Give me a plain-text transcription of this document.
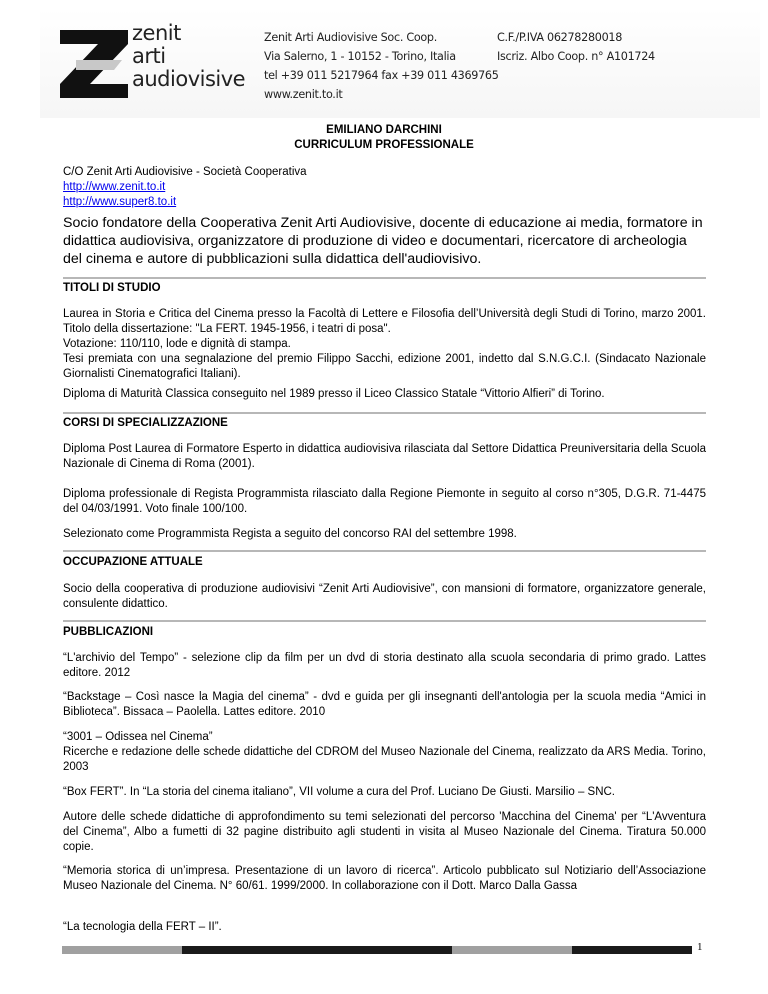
zenit
arti
audiovisive
Zenit Arti Audiovisive Soc. Coop.
Via Salerno, 1 - 10152 - Torino, Italia
tel +39 011 5217964 fax +39 011 4369765
www.zenit.to.it
C.F./P.IVA 06278280018
Iscriz. Albo Coop. n° A101724
EMILIANO DARCHINI
CURRICULUM PROFESSIONALE
C/O Zenit Arti Audiovisive - Società Cooperativa
http://www.zenit.to.it
http://www.super8.to.it
Socio fondatore della Cooperativa Zenit Arti Audiovisive, docente di educazione ai media, formatore in didattica audiovisiva, organizzatore di produzione di video e documentari, ricercatore di archeologia del cinema e autore di pubblicazioni sulla didattica dell'audiovisivo.
TITOLI DI STUDIO
Laurea in Storia e Critica del Cinema presso la Facoltà di Lettere e Filosofia dell’Università degli Studi di Torino, marzo 2001. Titolo della dissertazione: "La FERT. 1945-1956, i teatri di posa".
Votazione: 110/110, lode e dignità di stampa.
Tesi premiata con una segnalazione del premio Filippo Sacchi, edizione 2001, indetto dal S.N.G.C.I. (Sindacato Nazionale Giornalisti Cinematografici Italiani).
Diploma di Maturità Classica conseguito nel 1989 presso il Liceo Classico Statale “Vittorio Alfieri” di Torino.
CORSI DI SPECIALIZZAZIONE
Diploma Post Laurea di Formatore Esperto in didattica audiovisiva rilasciata dal Settore Didattica Preuniversitaria della Scuola Nazionale di Cinema di Roma (2001).
Diploma professionale di Regista Programmista rilasciato dalla Regione Piemonte in seguito al corso n°305, D.G.R. 71-4475 del 04/03/1991. Voto finale 100/100.
Selezionato come Programmista Regista a seguito del concorso RAI del settembre 1998.
OCCUPAZIONE ATTUALE
Socio della cooperativa di produzione audiovisivi “Zenit Arti Audiovisive”, con mansioni di formatore, organizzatore generale, consulente didattico.
PUBBLICAZIONI
“L'archivio del Tempo” - selezione clip da film per un dvd di storia destinato alla scuola secondaria di primo grado. Lattes editore. 2012
“Backstage – Così nasce la Magia del cinema” - dvd e guida per gli insegnanti dell'antologia per la scuola media “Amici in Biblioteca”. Bissaca – Paolella. Lattes editore. 2010
“3001 – Odissea nel Cinema”
Ricerche e redazione delle schede didattiche del CDROM del Museo Nazionale del Cinema, realizzato da ARS Media. Torino, 2003
“Box FERT”. In “La storia del cinema italiano”, VII volume a cura del Prof. Luciano De Giusti. Marsilio – SNC.
Autore delle schede didattiche di approfondimento su temi selezionati del percorso 'Macchina del Cinema' per “L'Avventura del Cinema”, Albo a fumetti di 32 pagine distribuito agli studenti in visita al Museo Nazionale del Cinema. Tiratura 50.000 copie.
“Memoria storica di un’impresa. Presentazione di un lavoro di ricerca”. Articolo pubblicato sul Notiziario dell’Associazione Museo Nazionale del Cinema. N° 60/61. 1999/2000. In collaborazione con il Dott. Marco Dalla Gassa
“La tecnologia della FERT – II”.
1
